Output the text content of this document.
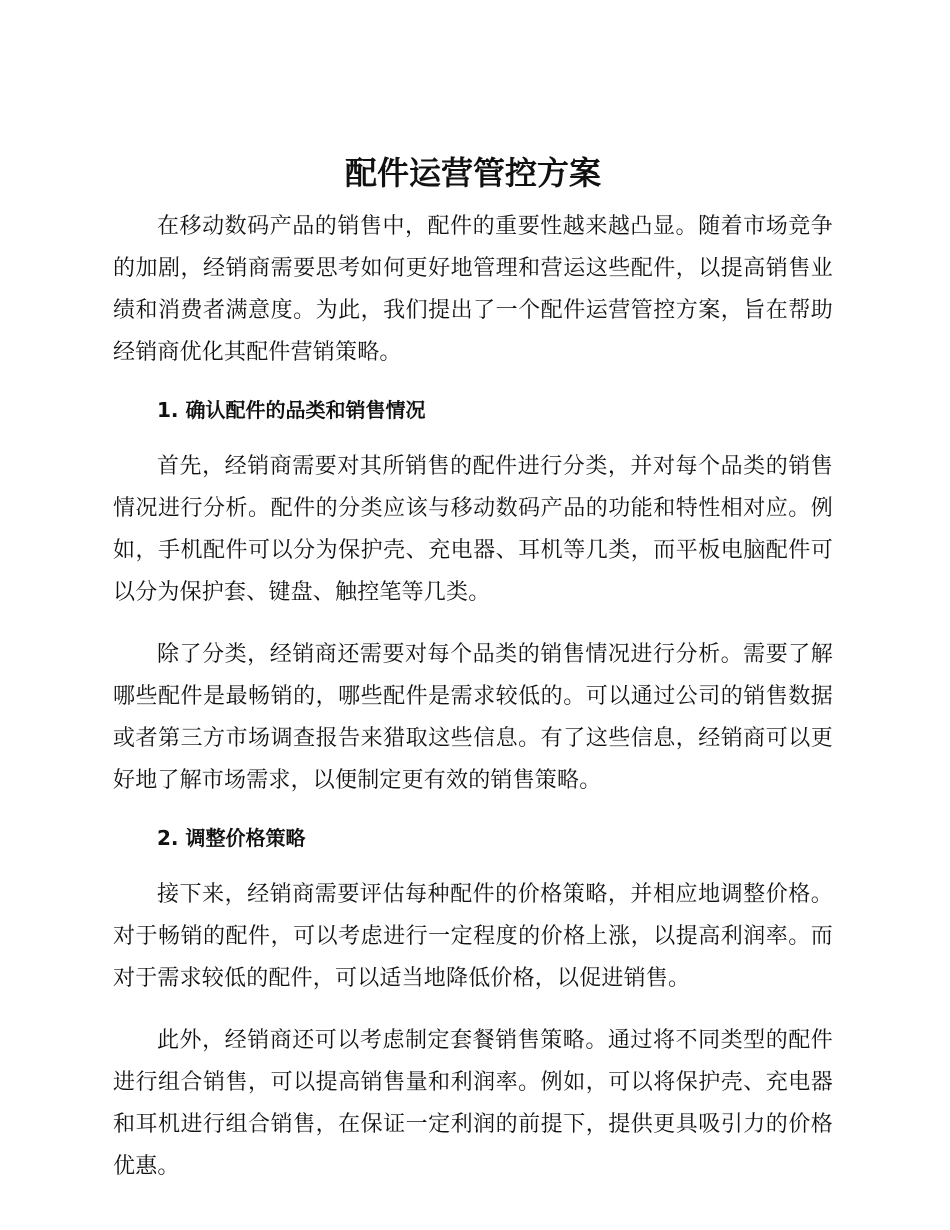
配件运营管控方案

在移动数码产品的销售中，配件的重要性越来越凸显。随着市场竞争的加剧，经销商需要思考如何更好地管理和营运这些配件，以提高销售业绩和消费者满意度。为此，我们提出了一个配件运营管控方案，旨在帮助经销商优化其配件营销策略。

1. 确认配件的品类和销售情况

首先，经销商需要对其所销售的配件进行分类，并对每个品类的销售情况进行分析。配件的分类应该与移动数码产品的功能和特性相对应。例如，手机配件可以分为保护壳、充电器、耳机等几类，而平板电脑配件可以分为保护套、键盘、触控笔等几类。

除了分类，经销商还需要对每个品类的销售情况进行分析。需要了解哪些配件是最畅销的，哪些配件是需求较低的。可以通过公司的销售数据或者第三方市场调查报告来猎取这些信息。有了这些信息，经销商可以更好地了解市场需求，以便制定更有效的销售策略。

2. 调整价格策略

接下来，经销商需要评估每种配件的价格策略，并相应地调整价格。对于畅销的配件，可以考虑进行一定程度的价格上涨，以提高利润率。而对于需求较低的配件，可以适当地降低价格，以促进销售。

此外，经销商还可以考虑制定套餐销售策略。通过将不同类型的配件进行组合销售，可以提高销售量和利润率。例如，可以将保护壳、充电器和耳机进行组合销售，在保证一定利润的前提下，提供更具吸引力的价格优惠。
